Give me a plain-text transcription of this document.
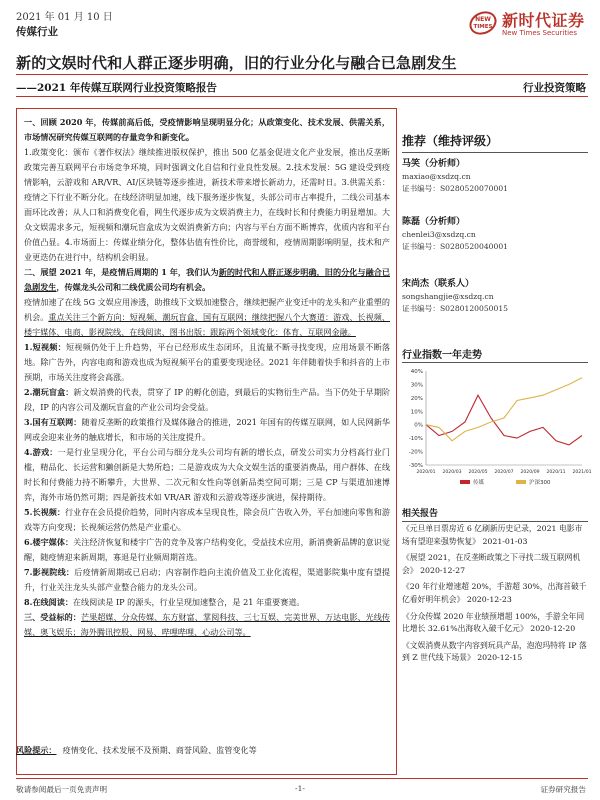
2021 年 01 月 10 日
传媒行业
NEW
TIMES 新时代证券
New Times Securities
新的文娱时代和人群正逐步明确，旧的行业分化与融合已急剧发生
——2021 年传媒互联网行业投资策略报告	行业投资策略

一、回顾 2020 年，传媒前高后低，受疫情影响呈现明显分化；从政策变化、技术发展、供需关系，市场情况研究传媒互联网的存量竞争和新变化。

1.政策变化：颁布《著作权法》继续推进版权保护，推出 500 亿基金促进文化产业发展，推出反垄断政策完善互联网平台市场竞争环境，同时强调文化自信和行业良性发展。2.技术发展：5G 建设受到疫情影响，云游戏和 AR/VR、AI/区块链等逐步推进，新技术带来增长新动力，还需时日。3.供需关系：疫情之下行业不断分化。在线经济明显加速，线下服务逐步恢复，头部公司市占率提升，二线公司基本面环比改善；从人口和消费变化看，网生代逐步成为文娱消费主力，在线时长和付费能力明显增加。大众文娱需求多元，短视频和潮玩盲盒成为文娱消费新方向；内容与平台方面不断博弈，优质内容和平台价值凸显。4.市场面上：传媒业绩分化，整体估值有性价比，商誉缓和，疫情周期影响明显，技术和产业更迭仍在进行中，结构机会明显。

二、展望 2021 年，是疫情后周期的 1 年，我们认为新的时代和人群正逐步明确，旧的分化与融合已急剧发生，传媒龙头公司和二线优质公司均有机会。

疫情加速了在线 5G 文娱应用渗透，助推线下文娱加速整合，继续把握产业变迁中的龙头和产业重塑的机会。重点关注三个新方向：短视频、潮玩盲盒、国有互联网；继续把握八个大赛道：游戏、长视频、楼宇媒体、电商、影视院线、在线阅读、图书出版；跟踪两个领域变化：体育、互联网金融。

1.短视频：短视频仍处于上升趋势，平台已经形成生态闭环，且流量不断寻找变现，应用场景不断落地。除广告外，内容电商和游戏也成为短视频平台的重要变现途径。2021 年伴随着快手和抖音的上市预期，市场关注度将会高涨。

2.潮玩盲盒：新文娱消费的代表，贯穿了 IP 的孵化创造，到最后的实物衍生产品。当下仍处于早期阶段，IP 的内容公司及潮玩盲盒的产业公司均会受益。

3.国有互联网：随着反垄断的政策推行及媒体融合的推进，2021 年国有的传媒互联网，如人民网新华网或会迎来业务的触底增长，和市场的关注度提升。

4.游戏：一是行业呈现分化，平台公司与细分龙头公司均有新的增长点，研发公司实力分档高行业门槛，精品化、长运营和獭创新是大势所趋；二是游戏成为大众文娱生活的重要消费品，用户群体、在线时长和付费能力持不断攀升，大世界、二次元和女性向等创新品类空间可期；三是 CP 与渠道加速博弈，海外市场仍然可期；四是新技术如 VR/AR 游戏和云游戏等逐步演进，保持期待。

5.长视频：行业存在会员提价趋势，同时内容成本呈现良性，除会员广告收入外，平台加速向零售和游戏等方向变现；长视频运营仍然是产业重心。

6.楼宇媒体：关注经济恢复和楼宇广告的竞争及客户结构变化，受益技术应用，新消费新品牌的意识觉醒，随疫情迎来新周期，寡退是行业频周期首选。

7.影视院线：后疫情新周期或已启动；内容制作趋向主流价值及工业化流程，渠道影院集中度有望提升，行业关注龙头头部产业整合能力的龙头公司。

8.在线阅读：在线阅读是 IP 的源头，行业呈现加速整合，是 21 年重要赛道。

三、受益标的：芒果超媒、分众传媒、东方财富、掌阅科技、三七互娱、完美世界、万达电影、光线传媒、奥飞娱乐；海外腾讯控股、网易、哔哩哔哩、心动公司等。

推荐（维持评级）
马笑（分析师）
maxiao@xsdzq.cn
证书编号：S0280520070001
陈磊（分析师）
chenlei3@xsdzq.cn
证书编号：S0280520040001
宋尚杰（联系人）
songshangjie@xsdzq.cn
证书编号：S0280120050015
行业指数一年走势
40%
30%
20%
10%
0%
-10%
-20%
-30%
2020/01 2020/03 2020/05 2020/07 2020/09 2020/11 2021/01
传媒	沪深300
相关报告
《元旦单日票房近 6 亿刷新历史记录，2021 电影市场有望迎来强势恢复》 2021-01-03
《展望 2021，在反垄断政策之下寻找二级互联网机会》 2020-12-27
《20 年行业增速超 20%，手游超 30%，出海首破千亿看好明年机会》 2020-12-23
《分众传媒 2020 年业绩预增超 100%，手游全年同比增长 32.61%出海收入破千亿元》 2020-12-20
《文娱消费从数字内容到玩具产品，泡泡玛特将 IP 落到 Z 世代线下场景》 2020-12-15
风险提示： 疫情变化、技术发展不及预期、商誉风险、监管变化等
-1-
敬请参阅最后一页免责声明	证券研究报告
